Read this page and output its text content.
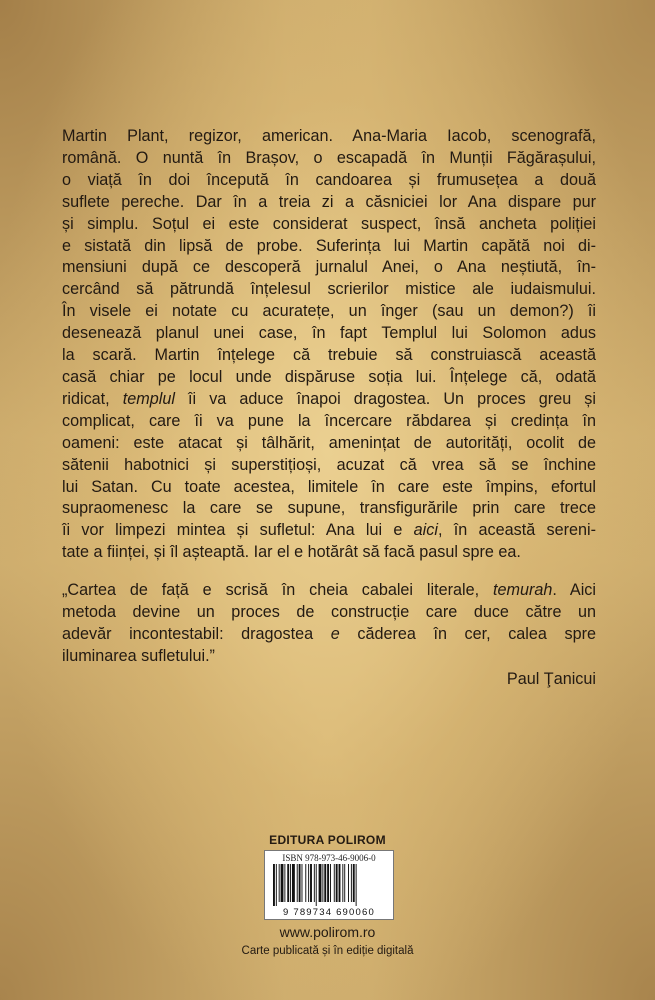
Martin Plant, regizor, american. Ana-Maria Iacob, scenografă,
română. O nuntă în Brașov, o escapadă în Munții Făgărașului,
o viață în doi începută în candoarea și frumusețea a două
suflete pereche. Dar în a treia zi a căsniciei lor Ana dispare pur
și simplu. Soțul ei este considerat suspect, însă ancheta poliției
e sistată din lipsă de probe. Suferința lui Martin capătă noi di-
mensiuni după ce descoperă jurnalul Anei, o Ana neștiută, în-
cercând să pătrundă înțelesul scrierilor mistice ale iudaismului.
În visele ei notate cu acuratețe, un înger (sau un demon?) îi
desenează planul unei case, în fapt Templul lui Solomon adus
la scară. Martin înțelege că trebuie să construiască această
casă chiar pe locul unde dispăruse soția lui. Înțelege că, odată
ridicat, templul îi va aduce înapoi dragostea. Un proces greu și
complicat, care îi va pune la încercare răbdarea și credința în
oameni: este atacat și tâlhărit, amenințat de autorități, ocolit de
sătenii habotnici și superstițioși, acuzat că vrea să se închine
lui Satan. Cu toate acestea, limitele în care este împins, efortul
supraomenesc la care se supune, transfigurările prin care trece
îi vor limpezi mintea și sufletul: Ana lui e aici, în această sereni-
tate a ființei, și îl așteaptă. Iar el e hotărât să facă pasul spre ea.

„Cartea de față e scrisă în cheia cabalei literale, temurah. Aici
metoda devine un proces de construcție care duce către un
adevăr incontestabil: dragostea e căderea în cer, calea spre
iluminarea sufletului.”

Paul Ţanicui
EDITURA POLIROM
ISBN 978-973-46-9006-0
9 789734 690060
www.polirom.ro
Carte publicată și în ediție digitală
